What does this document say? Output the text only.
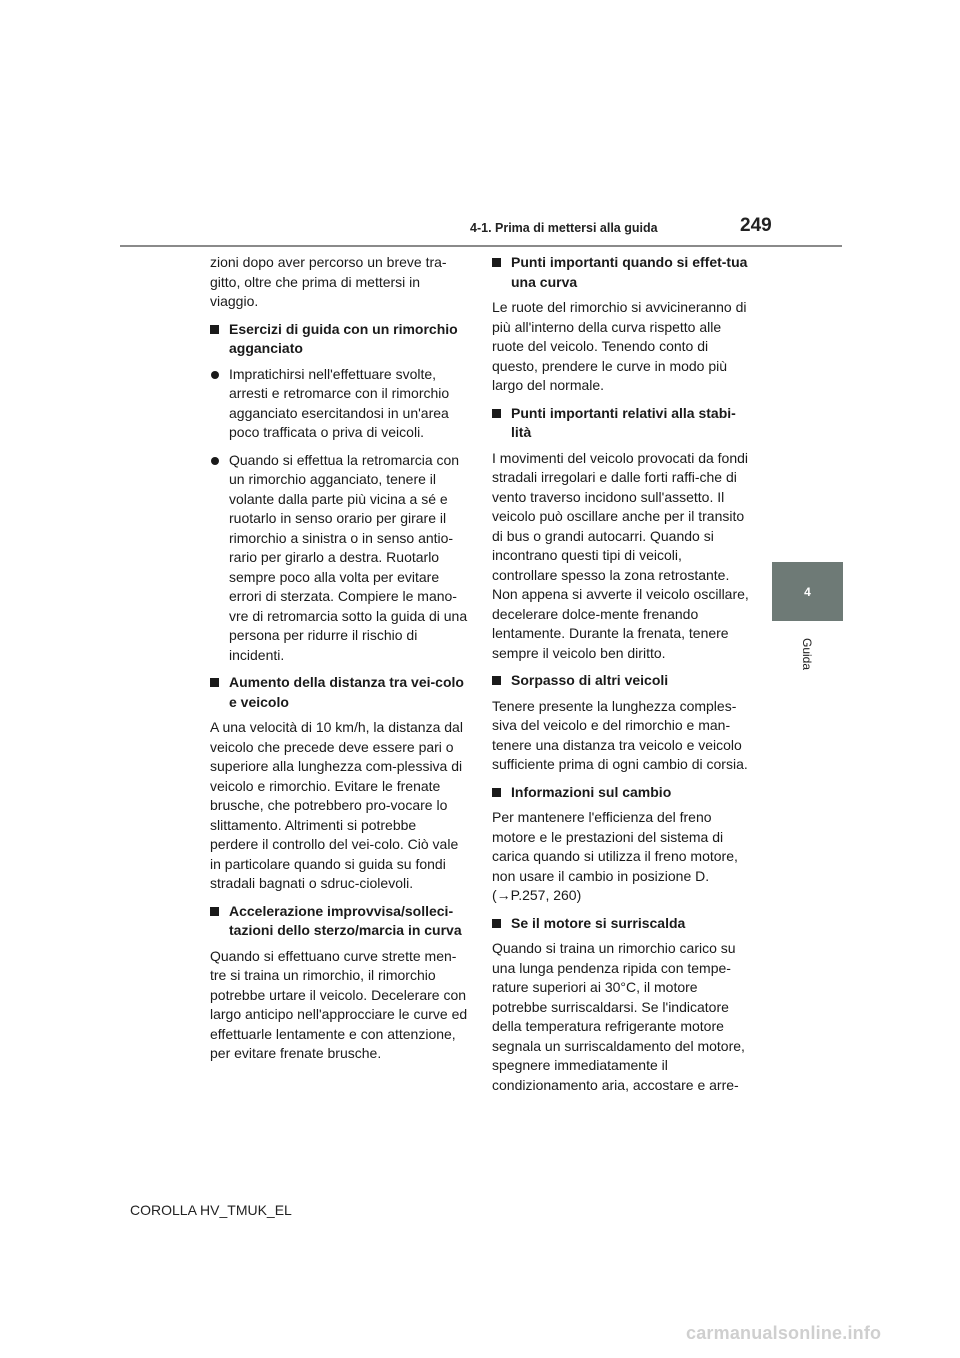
4-1. Prima di mettersi alla guida	249
4
Guida

zioni dopo aver percorso un breve tra-gitto, oltre che prima di mettersi in viaggio.

Esercizi di guida con un rimorchio agganciato

Impratichirsi nell'effettuare svolte, arresti e retromarce con il rimorchio agganciato esercitandosi in un'area poco trafficata o priva di veicoli.

Quando si effettua la retromarcia con un rimorchio agganciato, tenere il volante dalla parte più vicina a sé e ruotarlo in senso orario per girare il rimorchio a sinistra o in senso antio-rario per girarlo a destra. Ruotarlo sempre poco alla volta per evitare errori di sterzata. Compiere le mano-vre di retromarcia sotto la guida di una persona per ridurre il rischio di incidenti.

Aumento della distanza tra vei-colo e veicolo

A una velocità di 10 km/h, la distanza dal veicolo che precede deve essere pari o superiore alla lunghezza com-plessiva di veicolo e rimorchio. Evitare le frenate brusche, che potrebbero pro-vocare lo slittamento. Altrimenti si potrebbe perdere il controllo del vei-colo. Ciò vale in particolare quando si guida su fondi stradali bagnati o sdruc-ciolevoli.

Accelerazione improvvisa/solleci-tazioni dello sterzo/marcia in curva

Quando si effettuano curve strette men-tre si traina un rimorchio, il rimorchio potrebbe urtare il veicolo. Decelerare con largo anticipo nell'approcciare le curve ed effettuarle lentamente e con attenzione, per evitare frenate brusche.

Punti importanti quando si effet-tua una curva

Le ruote del rimorchio si avvicineranno di più all'interno della curva rispetto alle ruote del veicolo. Tenendo conto di questo, prendere le curve in modo più largo del normale.

Punti importanti relativi alla stabi-lità

I movimenti del veicolo provocati da fondi stradali irregolari e dalle forti raffi-che di vento traverso incidono sull'assetto. Il veicolo può oscillare anche per il transito di bus o grandi autocarri. Quando si incontrano questi tipi di veicoli, controllare spesso la zona retrostante. Non appena si avverte il veicolo oscillare, decelerare dolce-mente frenando lentamente. Durante la frenata, tenere sempre il veicolo ben diritto.

Sorpasso di altri veicoli

Tenere presente la lunghezza comples-siva del veicolo e del rimorchio e man-tenere una distanza tra veicolo e veicolo sufficiente prima di ogni cambio di corsia.

Informazioni sul cambio

Per mantenere l'efficienza del freno motore e le prestazioni del sistema di carica quando si utilizza il freno motore, non usare il cambio in posizione D. (→P.257, 260)

Se il motore si surriscalda

Quando si traina un rimorchio carico su una lunga pendenza ripida con tempe-rature superiori ai 30°C, il motore potrebbe surriscaldarsi. Se l'indicatore della temperatura refrigerante motore segnala un surriscaldamento del motore, spegnere immediatamente il condizionamento aria, accostare e arre-

COROLLA HV_TMUK_EL
carmanualsonline.info
